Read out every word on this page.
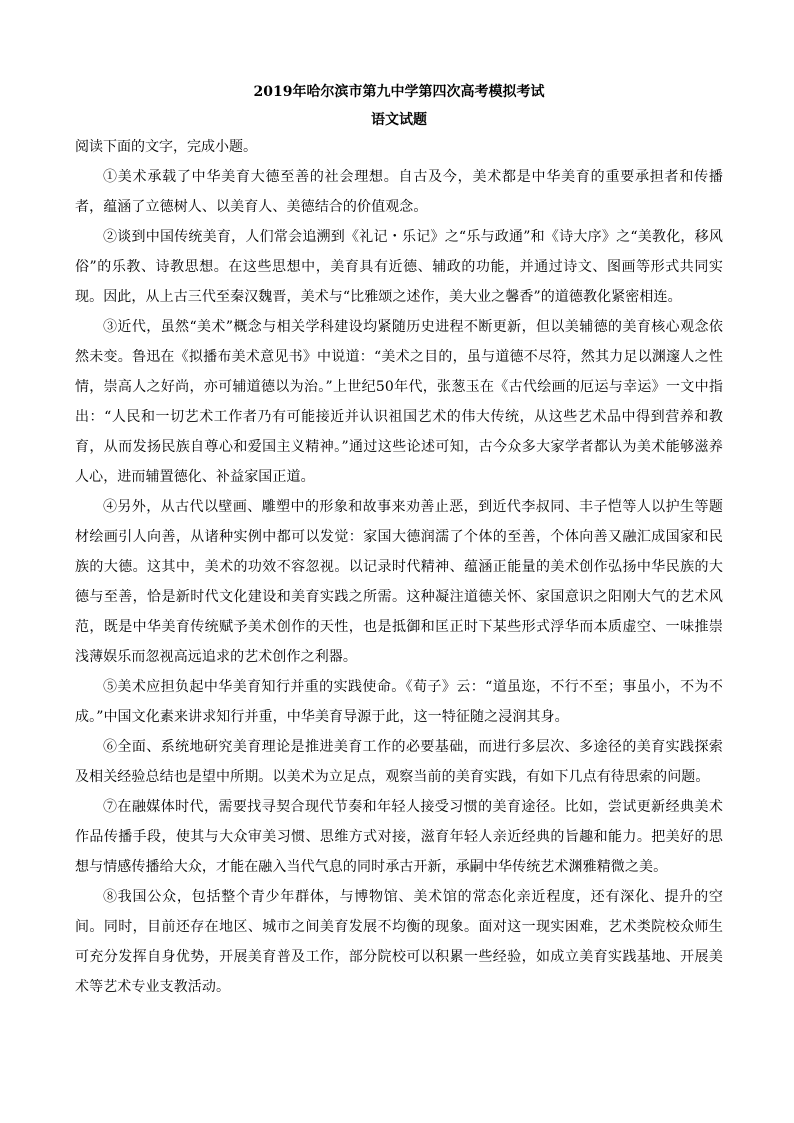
2019年哈尔滨市第九中学第四次高考模拟考试

语文试题

阅读下面的文字，完成小题。

①美术承载了中华美育大德至善的社会理想。自古及今，美术都是中华美育的重要承担者和传播者，蕴涵了立德树人、以美育人、美德结合的价值观念。

②谈到中国传统美育，人们常会追溯到《礼记・乐记》之“乐与政通”和《诗大序》之“美教化，移风俗”的乐教、诗教思想。在这些思想中，美育具有近德、辅政的功能，并通过诗文、图画等形式共同实现。因此，从上古三代至秦汉魏晋，美术与“比雅颂之述作，美大业之馨香”的道德教化紧密相连。

③近代，虽然“美术”概念与相关学科建设均紧随历史进程不断更新，但以美辅德的美育核心观念依然未变。鲁迅在《拟播布美术意见书》中说道：“美术之目的，虽与道德不尽符，然其力足以渊邃人之性情，崇高人之好尚，亦可辅道德以为治。”上世纪50年代，张葱玉在《古代绘画的厄运与幸运》一文中指出：“人民和一切艺术工作者乃有可能接近并认识祖国艺术的伟大传统，从这些艺术品中得到营养和教育，从而发扬民族自尊心和爱国主义精神。”通过这些论述可知，古今众多大家学者都认为美术能够滋养人心，进而辅置德化、补益家国正道。

④另外，从古代以壁画、雕塑中的形象和故事来劝善止恶，到近代李叔同、丰子恺等人以护生等题材绘画引人向善，从诸种实例中都可以发觉：家国大德润濡了个体的至善，个体向善又融汇成国家和民族的大德。这其中，美术的功效不容忽视。以记录时代精神、蕴涵正能量的美术创作弘扬中华民族的大德与至善，恰是新时代文化建设和美育实践之所需。这种凝注道德关怀、家国意识之阳刚大气的艺术风范，既是中华美育传统赋予美术创作的天性，也是抵御和匡正时下某些形式浮华而本质虚空、一味推崇浅薄娱乐而忽视高远追求的艺术创作之利器。

⑤美术应担负起中华美育知行并重的实践使命。《荀子》云：“道虽迩，不行不至；事虽小，不为不成。”中国文化素来讲求知行并重，中华美育导源于此，这一特征随之浸润其身。

⑥全面、系统地研究美育理论是推进美育工作的必要基础，而进行多层次、多途径的美育实践探索及相关经验总结也是望中所期。以美术为立足点，观察当前的美育实践，有如下几点有待思索的问题。

⑦在融媒体时代，需要找寻契合现代节奏和年轻人接受习惯的美育途径。比如，尝试更新经典美术作品传播手段，使其与大众审美习惯、思维方式对接，滋育年轻人亲近经典的旨趣和能力。把美好的思想与情感传播给大众，才能在融入当代气息的同时承古开新，承嗣中华传统艺术渊雅精微之美。

⑧我国公众，包括整个青少年群体，与博物馆、美术馆的常态化亲近程度，还有深化、提升的空间。同时，目前还存在地区、城市之间美育发展不均衡的现象。面对这一现实困难，艺术类院校众师生可充分发挥自身优势，开展美育普及工作，部分院校可以积累一些经验，如成立美育实践基地、开展美术等艺术专业支教活动。
